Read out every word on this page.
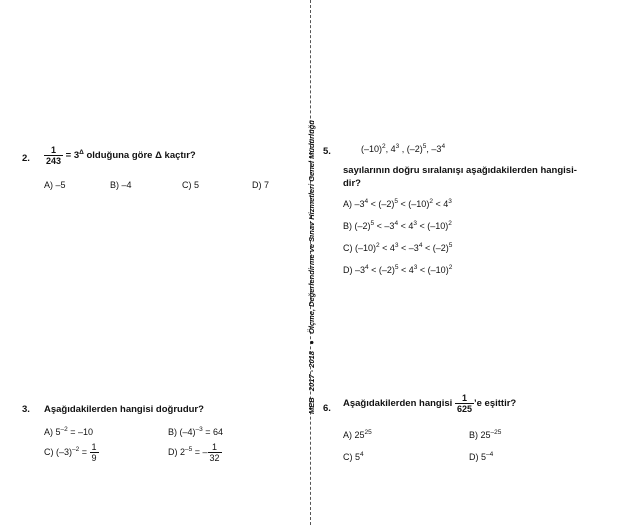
MEB   2017 - 2018   ●   Ölçme, Değerlendirme ve Sınav Hizmetleri Genel Müdürlüğü
2. $\frac{1}{243} = 3^\Delta$ olduğuna göre Δ kaçtır?
A) –5	B) –4	C) 5	D) 7
3. Aşağıdakilerden hangisi doğrudur?
A) $5^{-2} = -10$	B) $(-4)^{-3} = 64$
C) $(-3)^{-2} = \frac{1}{9}$	D) $2^{-5}$ = – $\frac{1}{32}$
5.	$(-10)^2$, $4^3$ , $(-2)^5$, $-3^4$
sayılarının doğru sıralanışı aşağıdakilerden hangisi-
dir?
A) $-3^4 < (-2)^5 < (-10)^2 < 4^3$
B) $(-2)^5 < -3^4 < 4^3 < (-10)^2$
C) $(-10)^2 < 4^3 < -3^4 < (-2)^5$
D) $-3^4 < (-2)^5 < 4^3 < (-10)^2$
6. Aşağıdakilerden hangisi $\frac{1}{625}$ ’e eşittir?
A) $25^{25}$	B) $25^{-25}$
C) $5^4$	D) $5^{-4}$
